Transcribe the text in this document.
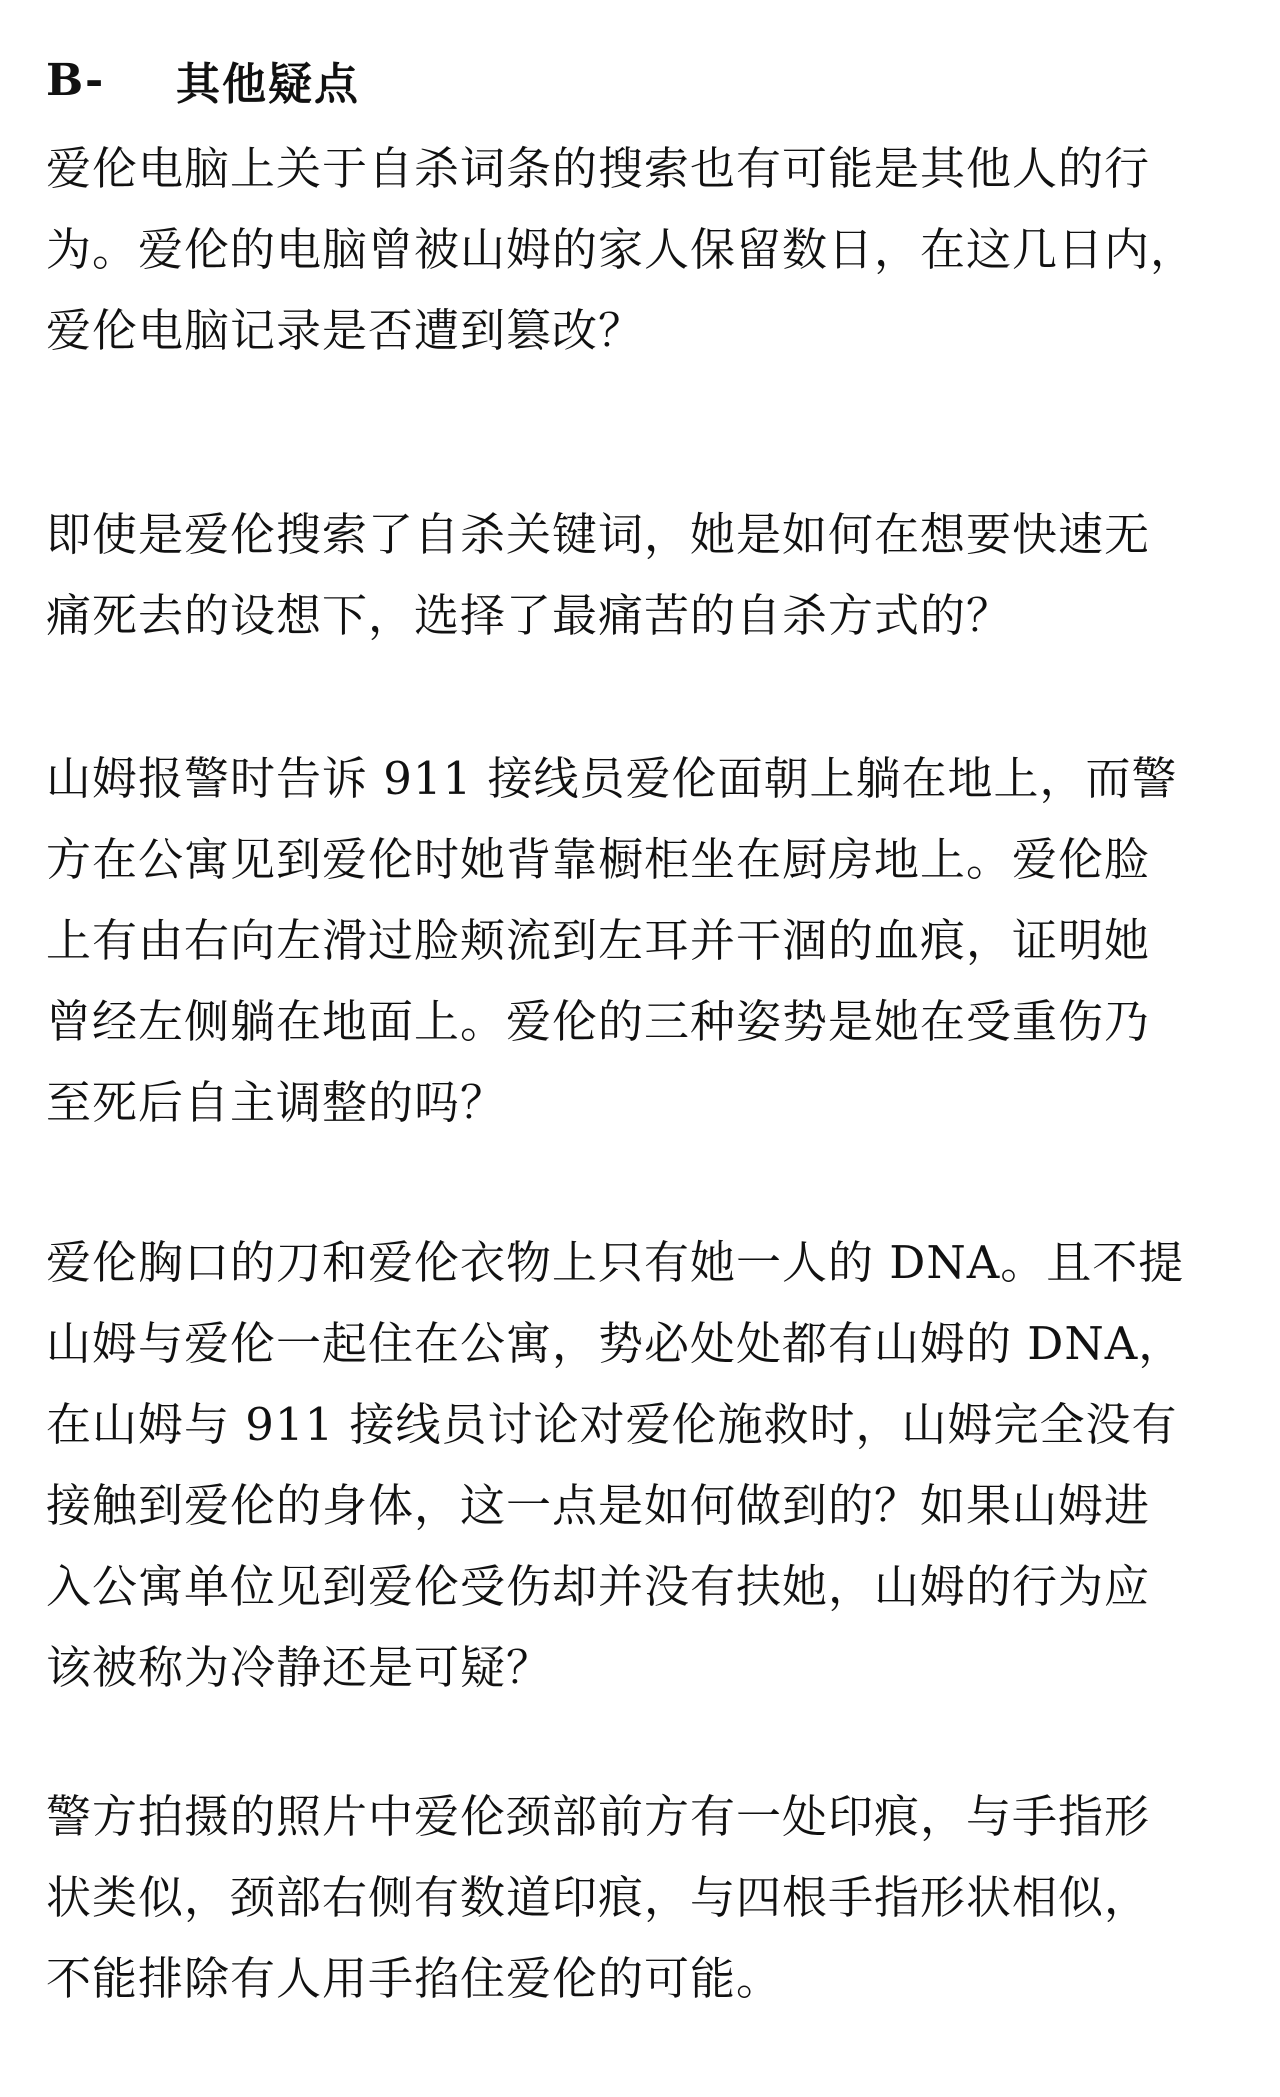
B-	其他疑点

爱伦电脑上关于自杀词条的搜索也有可能是其他人的行
为。爱伦的电脑曾被山姆的家人保留数日，在这几日内，
爱伦电脑记录是否遭到篡改？

即使是爱伦搜索了自杀关键词，她是如何在想要快速无
痛死去的设想下，选择了最痛苦的自杀方式的？

山姆报警时告诉 911 接线员爱伦面朝上躺在地上，而警
方在公寓见到爱伦时她背靠橱柜坐在厨房地上。爱伦脸
上有由右向左滑过脸颊流到左耳并干涸的血痕，证明她
曾经左侧躺在地面上。爱伦的三种姿势是她在受重伤乃
至死后自主调整的吗？

爱伦胸口的刀和爱伦衣物上只有她一人的 DNA。且不提
山姆与爱伦一起住在公寓，势必处处都有山姆的 DNA，
在山姆与 911 接线员讨论对爱伦施救时，山姆完全没有
接触到爱伦的身体，这一点是如何做到的？如果山姆进
入公寓单位见到爱伦受伤却并没有扶她，山姆的行为应
该被称为冷静还是可疑？

警方拍摄的照片中爱伦颈部前方有一处印痕，与手指形
状类似，颈部右侧有数道印痕，与四根手指形状相似，
不能排除有人用手掐住爱伦的可能。
